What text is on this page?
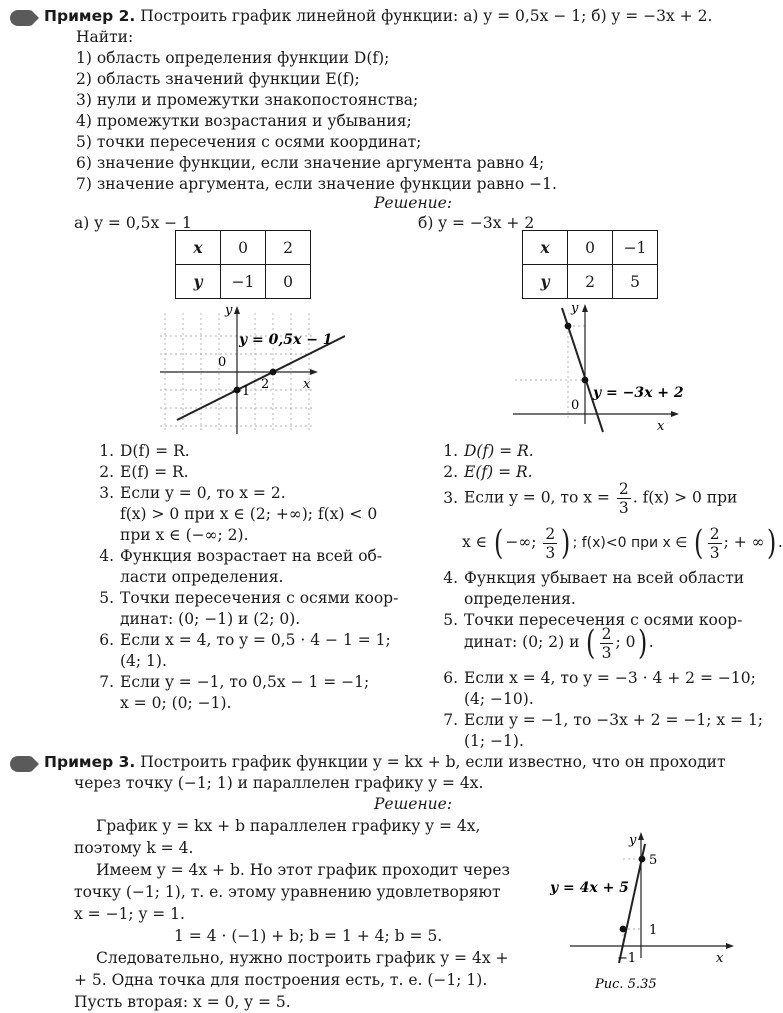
Пример 2. Построить график линейной функции: а) y = 0,5x − 1; б) y = −3x + 2.
Найти:
1) область определения функции D(f);
2) область значений функции E(f);
3) нули и промежутки знакопостоянства;
4) промежутки возрастания и убывания;
5) точки пересечения с осями координат;
6) значение функции, если значение аргумента равно 4;
7) значение аргумента, если значение функции равно −1.
Решение:
а) y = 0,5x − 1
x	0	2
y	−1	0
y
x
0
2
−1
y = 0,5x − 1
1. D(f) = R.
2. E(f) = R.
3. Если y = 0, то x = 2.
f(x) > 0 при x ∈ (2; +∞); f(x) < 0
при x ∈ (−∞; 2).
4. Функция возрастает на всей об-
ласти определения.
5. Точки пересечения с осями коор-
динат: (0; −1) и (2; 0).
6. Если x = 4, то y = 0,5 · 4 − 1 = 1;
(4; 1).
7. Если y = −1, то 0,5x − 1 = −1;
x = 0; (0; −1).
б) y = −3x + 2
x	0	−1
y	2	5
y
x
0
y = −3x + 2
1. D(f) = R.
2. E(f) = R.
3. Если y = 0, то $x = \frac{2}{3}$ . f(x) > 0 при
x ∈ ( −∞; $\frac{2}{3}$ ) ; f(x)<0 при x ∈ ( $\frac{2}{3}$ ; + ∞) .
4. Функция убывает на всей области
определения.
5. Точки пересечения с осями коор-
динат: (0; 2) и ( $\frac{2}{3}$ ; 0) .
6. Если x = 4, то y = −3 · 4 + 2 = −10;
(4; −10).
7. Если y = −1, то −3x + 2 = −1; x = 1;
(1; −1).
Пример 3. Построить график функции y = kx + b, если известно, что он проходит
через точку (−1; 1) и параллелен графику y = 4x.
Решение:
График y = kx + b параллелен графику y = 4x,
поэтому k = 4.
Имеем y = 4x + b. Но этот график проходит через
точку (−1; 1), т. е. этому уравнению удовлетворяют
x = −1; y = 1.
1 = 4 · (−1) + b; b = 1 + 4; b = 5.
Следовательно, нужно построить график y = 4x +
+ 5. Одна точка для построения есть, т. е. (−1; 1).
Пусть вторая: x = 0, y = 5.
y
x
5
1
−1
y = 4x + 5
Рис. 5.35
